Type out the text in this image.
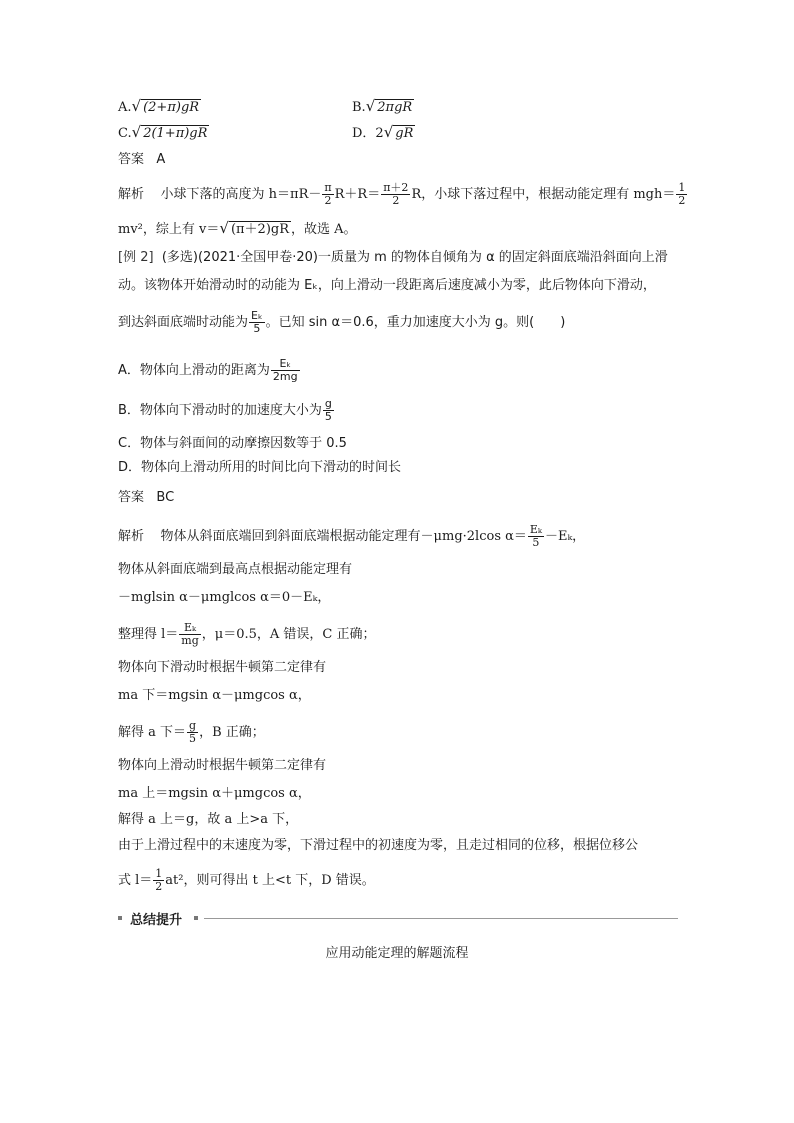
A.√ (2+π)gR	B.√ 2πgR
C.√ 2(1+π)gR	D．2√ gR
答案 A
解析 小球下落的高度为 $h=\pi R- \frac{\pi}{2} R+R= \frac{\pi+2}{2}$ R，小球下落过程中，根据动能定理有 $mgh= \frac{1}{2}$
mv²，综上有 v＝√ (π＋2)gR ，故选 A。
[例 2] (多选)(2021·全国甲卷·20)一质量为 m 的物体自倾角为 α 的固定斜面底端沿斜面向上滑
动。该物体开始滑动时的动能为 Eₖ，向上滑动一段距离后速度减小为零，此后物体向下滑动，
到达斜面底端时动能为 $\frac{\text{Eₖ}}{5}$ 。已知 sin α＝0.6，重力加速度大小为 g。则(　　)
A．物体向上滑动的距离为 $\frac{\text{Eₖ}}{2mg}$
B．物体向下滑动时的加速度大小为 $\frac{g}{5}$
C．物体与斜面间的动摩擦因数等于 0.5
D．物体向上滑动所用的时间比向下滑动的时间长
答案 BC
解析 物体从斜面底端回到斜面底端根据动能定理有－μmg·2lcos $\alpha= \frac{\text{Eₖ}}{5} -E_k$，
物体从斜面底端到最高点根据动能定理有
－mglsin α－μmglcos α＝0－Eₖ，
整理得 $l= \frac{\text{Eₖ}}{mg}$ ，μ＝0.5，A 错误，C 正确；
物体向下滑动时根据牛顿第二定律有
ma 下＝mgsin α－μmgcos α，
解得 a 下＝ $\frac{g}{5}$ ，B 正确；
物体向上滑动时根据牛顿第二定律有
ma 上＝mgsin α＋μmgcos α，
解得 a 上＝g，故 a 上>a 下，
由于上滑过程中的末速度为零，下滑过程中的初速度为零，且走过相同的位移，根据位移公
式 $l= \frac{1}{2} at^2$，则可得出 t 上<t 下，D 错误。
总结提升
应用动能定理的解题流程
